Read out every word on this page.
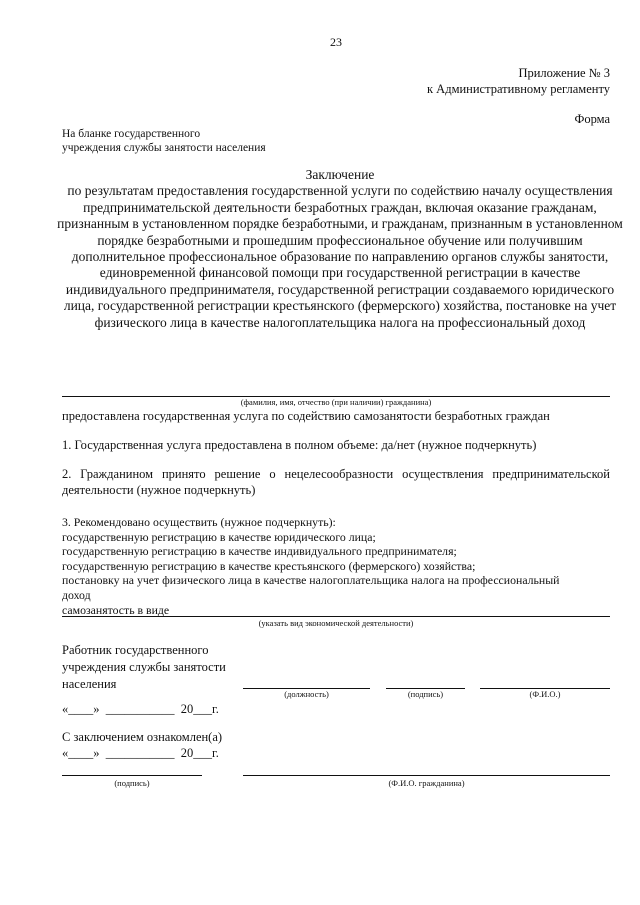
23
Приложение № 3
к Административному регламенту
Форма
На бланке государственного
учреждения службы занятости населения
Заключение
по результатам предоставления государственной услуги по содействию началу осуществления предпринимательской деятельности безработных граждан, включая оказание гражданам, признанным в установленном порядке безработными, и гражданам, признанным в установленном порядке безработными и прошедшим профессиональное обучение или получившим дополнительное профессиональное образование по направлению органов службы занятости, единовременной финансовой помощи при государственной регистрации в качестве индивидуального предпринимателя, государственной регистрации создаваемого юридического лица, государственной регистрации крестьянского (фермерского) хозяйства, постановке на учет физического лица в качестве налогоплательщика налога на профессиональный доход
(фамилия, имя, отчество (при наличии) гражданина)
предоставлена государственная услуга по содействию самозанятости безработных граждан
1. Государственная услуга предоставлена в полном объеме: да/нет (нужное подчеркнуть)
2. Гражданином принято решение о нецелесообразности осуществления предпринимательской
деятельности (нужное подчеркнуть)
3. Рекомендовано осуществить (нужное подчеркнуть):
государственную регистрацию в качестве юридического лица;
государственную регистрацию в качестве индивидуального предпринимателя;
государственную регистрацию в качестве крестьянского (фермерского) хозяйства;
постановку на учет физического лица в качестве налогоплательщика налога на профессиональный
доход
самозанятость в виде
(указать вид экономической деятельности)
Работник государственного
учреждения службы занятости
населения
(должность)	(подпись)	(Ф.И.О.)
«____»  ___________  20___г.
С заключением ознакомлен(а)
«____»  ___________  20___г.
(подпись)	(Ф.И.О. гражданина)
